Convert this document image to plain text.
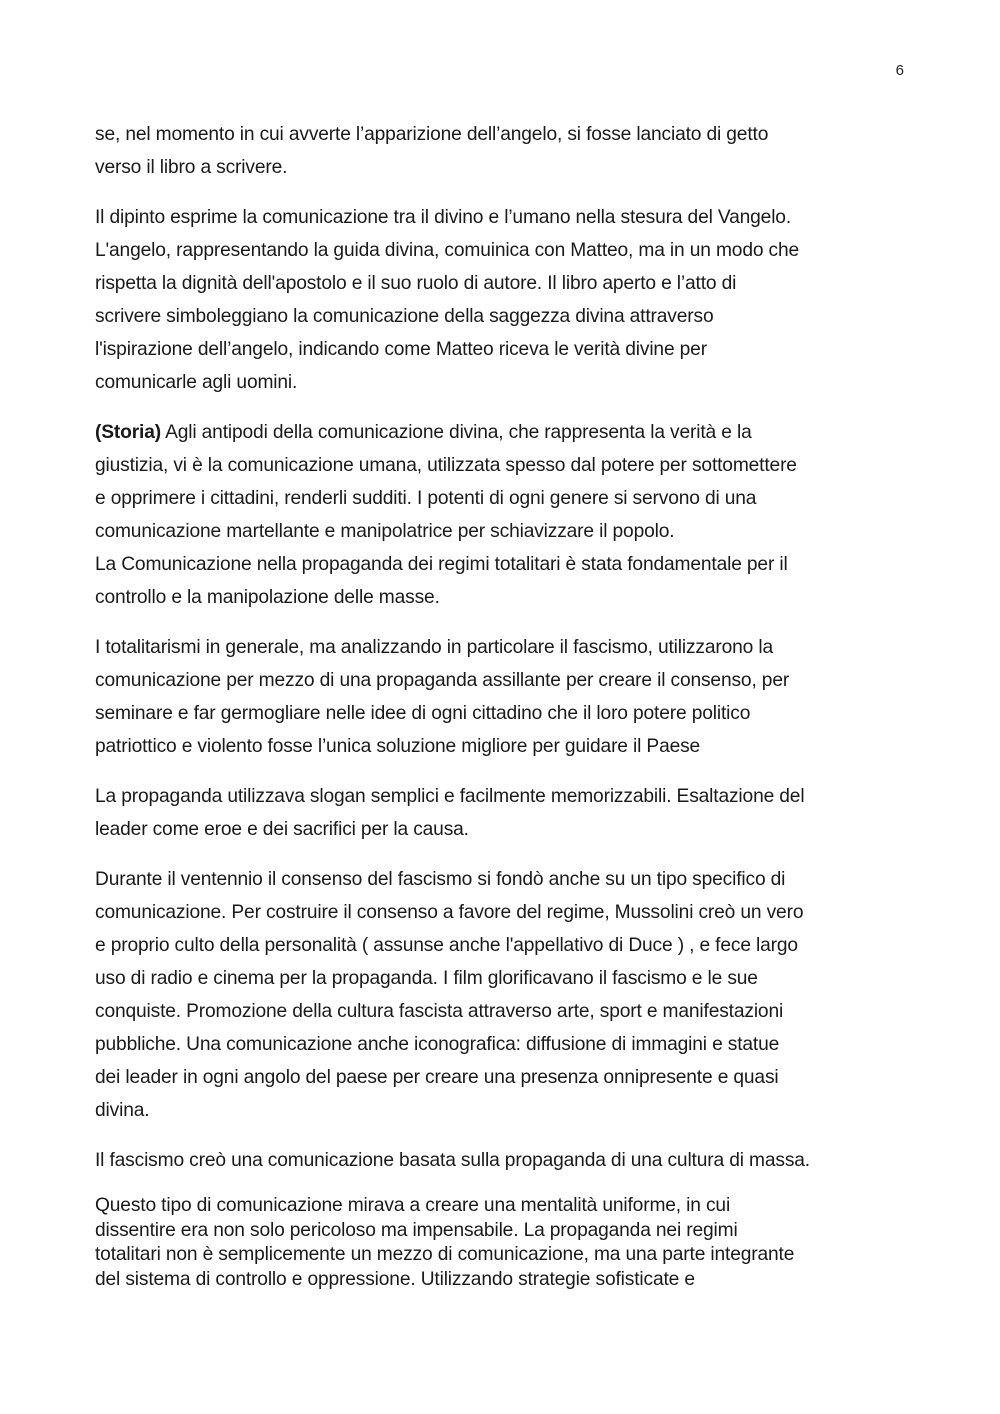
6

se, nel momento in cui avverte l’apparizione dell’angelo, si fosse lanciato di getto
verso il libro a scrivere.

Il dipinto esprime la comunicazione tra il divino e l’umano nella stesura del Vangelo.
L'angelo, rappresentando la guida divina, comuinica con Matteo, ma in un modo che
rispetta la dignità dell'apostolo e il suo ruolo di autore. Il libro aperto e l’atto di
scrivere simboleggiano la comunicazione della saggezza divina attraverso
l'ispirazione dell’angelo, indicando come Matteo riceva le verità divine per
comunicarle agli uomini.

(Storia) Agli antipodi della comunicazione divina, che rappresenta la verità e la
giustizia, vi è la comunicazione umana, utilizzata spesso dal potere per sottomettere
e opprimere i cittadini, renderli sudditi. I potenti di ogni genere si servono di una
comunicazione martellante e manipolatrice per schiavizzare il popolo.
La Comunicazione nella propaganda dei regimi totalitari è stata fondamentale per il
controllo e la manipolazione delle masse.

I totalitarismi in generale, ma analizzando in particolare il fascismo, utilizzarono la
comunicazione per mezzo di una propaganda assillante per creare il consenso, per
seminare e far germogliare nelle idee di ogni cittadino che il loro potere politico
patriottico e violento fosse l’unica soluzione migliore per guidare il Paese

La propaganda utilizzava slogan semplici e facilmente memorizzabili. Esaltazione del
leader come eroe e dei sacrifici per la causa.

Durante il ventennio il consenso del fascismo si fondò anche su un tipo specifico di
comunicazione. Per costruire il consenso a favore del regime, Mussolini creò un vero
e proprio culto della personalità ( assunse anche l'appellativo di Duce ) , e fece largo
uso di radio e cinema per la propaganda. I film glorificavano il fascismo e le sue
conquiste. Promozione della cultura fascista attraverso arte, sport e manifestazioni
pubbliche. Una comunicazione anche iconografica: diffusione di immagini e statue
dei leader in ogni angolo del paese per creare una presenza onnipresente e quasi
divina.

Il fascismo creò una comunicazione basata sulla propaganda di una cultura di massa.

Questo tipo di comunicazione mirava a creare una mentalità uniforme, in cui
dissentire era non solo pericoloso ma impensabile. La propaganda nei regimi
totalitari non è semplicemente un mezzo di comunicazione, ma una parte integrante
del sistema di controllo e oppressione. Utilizzando strategie sofisticate e
